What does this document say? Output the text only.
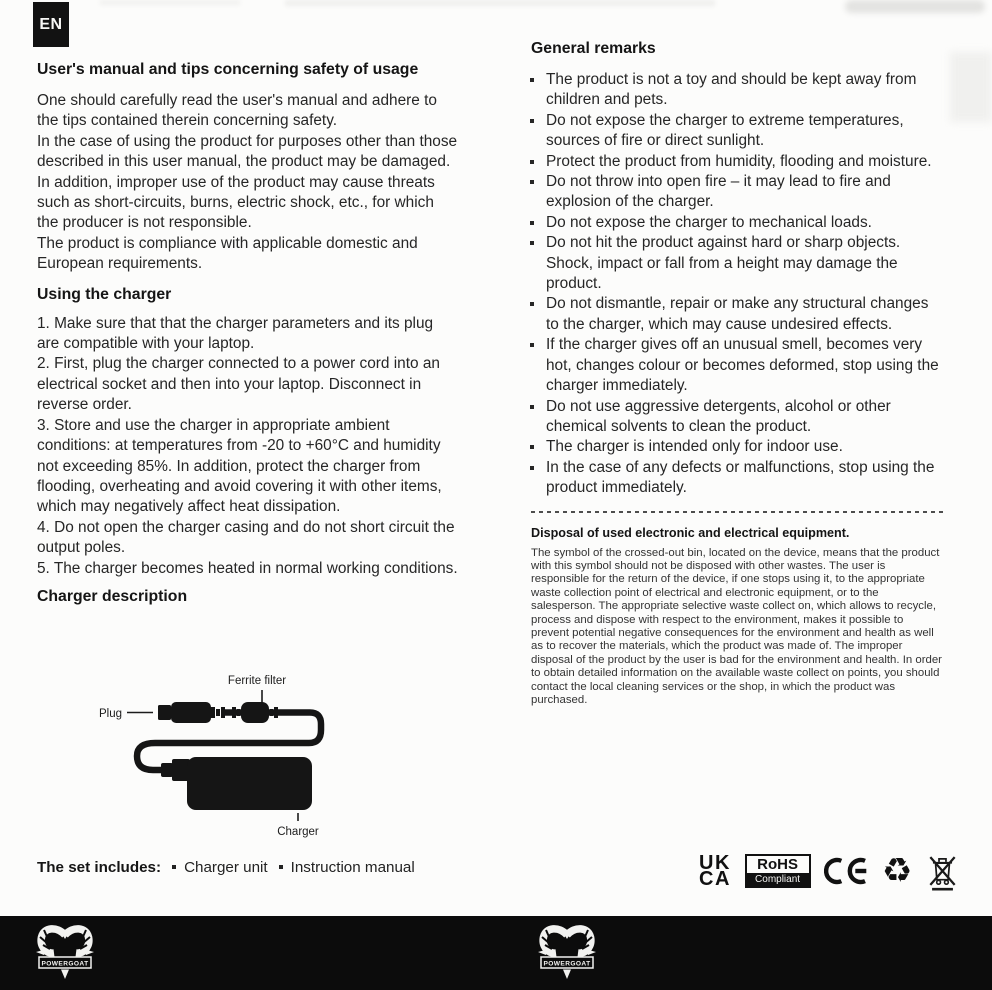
EN
User's manual and tips concerning safety of usage

One should carefully read the user's manual and adhere to the tips contained therein concerning safety.

In the case of using the product for purposes other than those described in this user manual, the product may be damaged. In addition, improper use of the product may cause threats such as short-circuits, burns, electric shock, etc., for which the producer is not responsible.

The product is compliance with applicable domestic and European requirements.

Using the charger

1. Make sure that that the charger parameters and its plug are compatible with your laptop.

2. First, plug the charger connected to a power cord into an electrical socket and then into your laptop. Disconnect in reverse order.

3. Store and use the charger in appropriate ambient conditions: at temperatures from -20 to +60°C and humidity not exceeding 85%. In addition, protect the charger from flooding, overheating and avoid covering it with other items, which may negatively affect heat dissipation.

4. Do not open the charger casing and do not short circuit the output poles.

5. The charger becomes heated in normal working conditions.

Charger description
Ferrite filter
Plug
Charger
The set includes: Charger unit Instruction manual
General remarks
▪ The product is not a toy and should be kept away from children and pets.
▪ Do not expose the charger to extreme temperatures, sources of fire or direct sunlight.
▪ Protect the product from humidity, flooding and moisture.
▪ Do not throw into open fire – it may lead to fire and explosion of the charger.
▪ Do not expose the charger to mechanical loads.
▪ Do not hit the product against hard or sharp objects. Shock, impact or fall from a height may damage the product.
▪ Do not dismantle, repair or make any structural changes to the charger, which may cause undesired effects.
▪ If the charger gives off an unusual smell, becomes very hot, changes colour or becomes deformed, stop using the charger immediately.
▪ Do not use aggressive detergents, alcohol or other chemical solvents to clean the product.
▪ The charger is intended only for indoor use.
▪ In the case of any defects or malfunctions, stop using the product immediately.
Disposal of used electronic and electrical equipment.

The symbol of the crossed-out bin, located on the device, means that the product with this symbol should not be disposed with other wastes. The user is responsible for the return of the device, if one stops using it, to the appropriate waste collection point of electrical and electronic equipment, or to the salesperson. The appropriate selective waste collect on, which allows to recycle, process and dispose with respect to the environment, makes it possible to prevent potential negative consequences for the environment and health as well as to recover the materials, which the product was made of. The improper disposal of the product by the user is bad for the environment and health. In order to obtain detailed information on the available waste collect on points, you should contact the local cleaning services or the shop, in which the product was purchased.

UK
CA
RoHS
Compliant ♻
POWERGOAT	POWERGOAT
